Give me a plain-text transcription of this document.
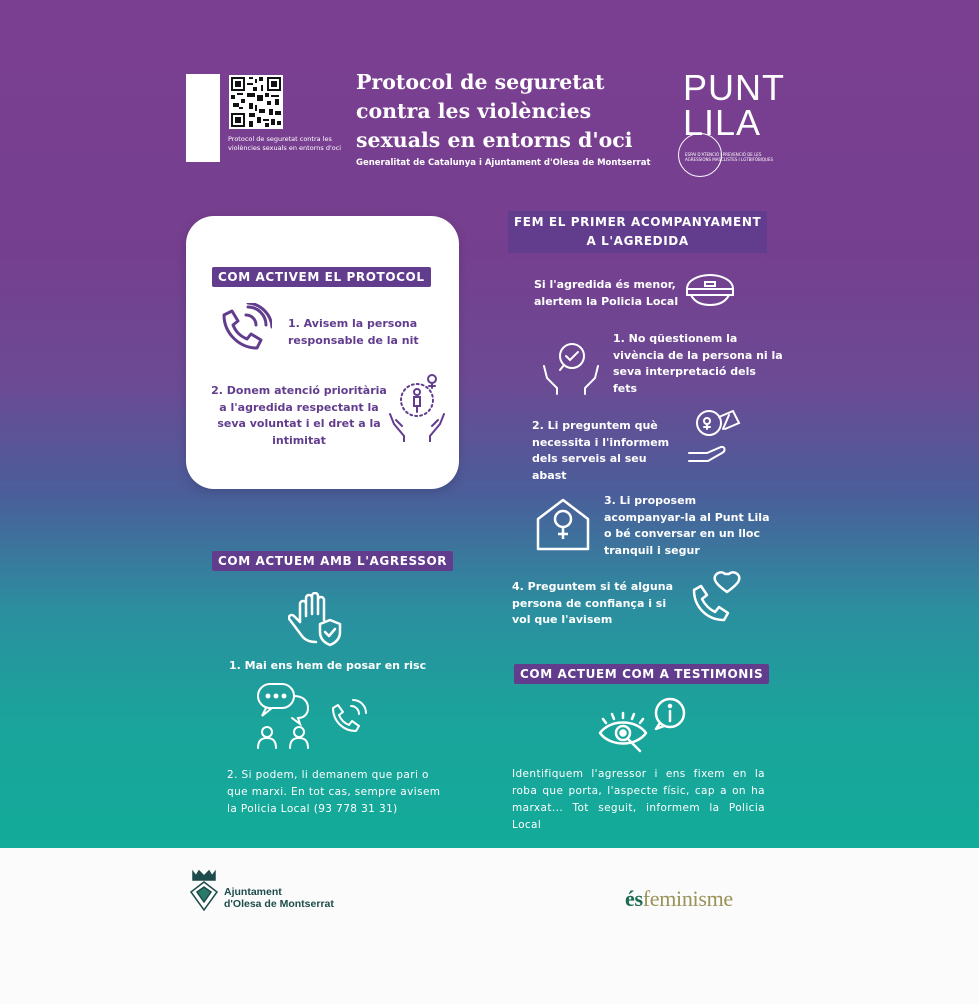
Protocol de seguretat contra les violències sexuals en entorns d'oci
Protocol de seguretat
contra les violències
sexuals en entorns d'oci
Generalitat de Catalunya i Ajuntament d'Olesa de Montserrat
PUNT
LILA
ESPAI D'ATENCIÓ I PREVENCIÓ DE LES AGRESSIONS MASCLISTES I LGTBIFÒBIQUES
COM ACTIVEM EL PROTOCOL
1. Avisem la persona responsable de la nit
2. Donem atenció prioritària a l'agredida respectant la seva voluntat i el dret a la intimitat
FEM EL PRIMER ACOMPANYAMENT
A L'AGREDIDA
Si l'agredida és menor, alertem la Policia Local
1. No qüestionem la vivència de la persona ni la seva interpretació dels fets
2. Li preguntem què necessita i l'informem dels serveis al seu abast
3. Li proposem acompanyar-la al Punt Lila o bé conversar en un lloc tranquil i segur
4. Preguntem si té alguna persona de confiança i si vol que l'avisem
COM ACTUEM AMB L'AGRESSOR
1. Mai ens hem de posar en risc
2. Si podem, li demanem que pari o que marxi. En tot cas, sempre avisem la Policia Local (93 778 31 31)
COM ACTUEM COM A TESTIMONIS
Identifiquem l'agressor i ens fixem en la roba que porta, l'aspecte físic, cap a on ha marxat... Tot seguit, informem la Policia Local
Ajuntament
d'Olesa de Montserrat	ésfeminisme
